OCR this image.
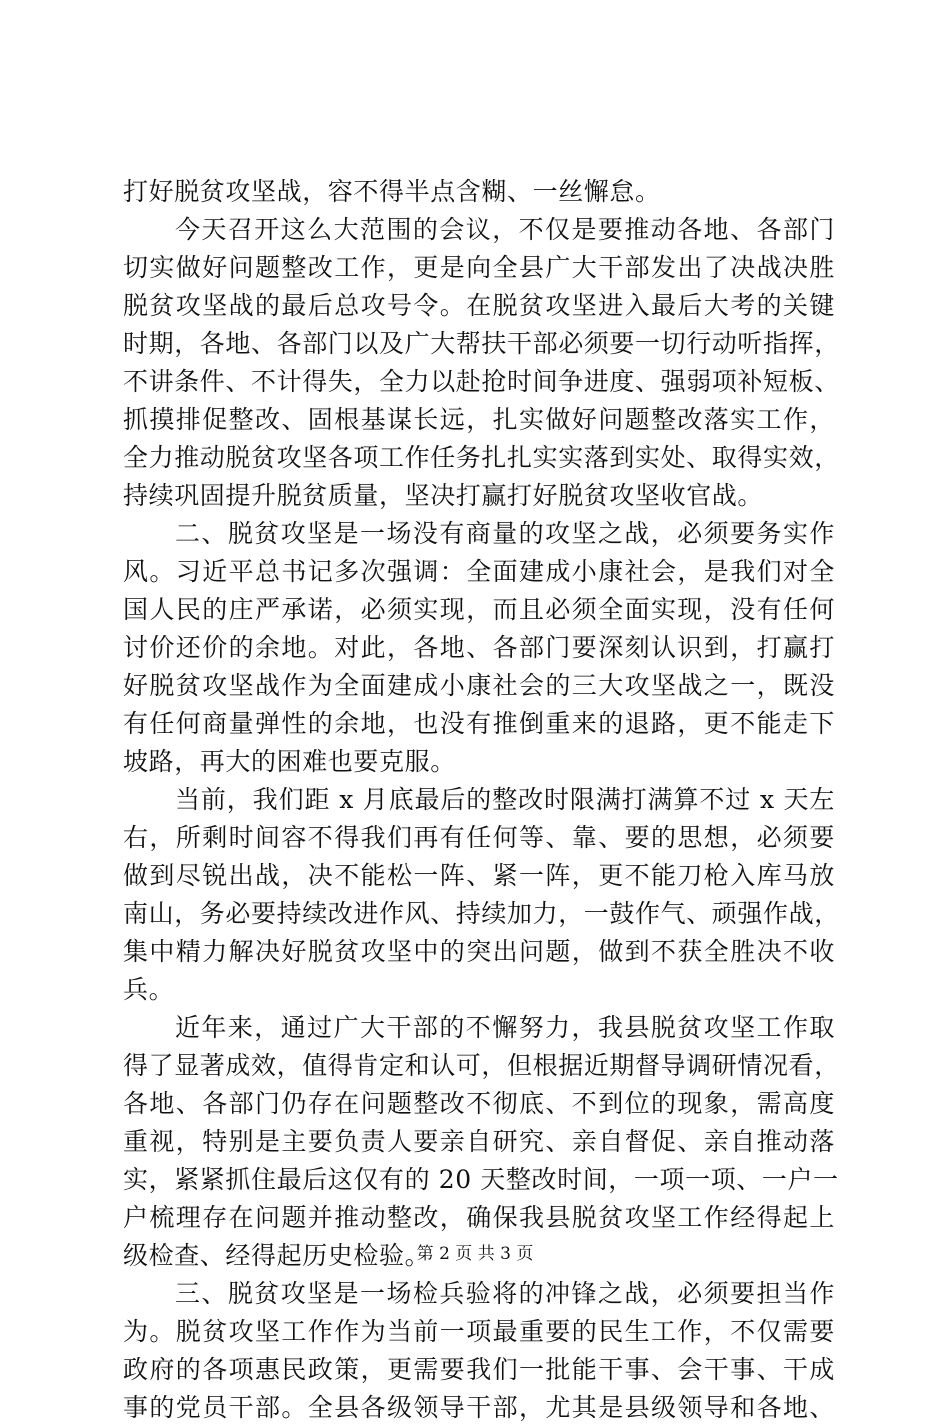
打好脱贫攻坚战，容不得半点含糊、一丝懈怠。
今天召开这么大范围的会议，不仅是要推动各地、各部门
切实做好问题整改工作，更是向全县广大干部发出了决战决胜
脱贫攻坚战的最后总攻号令。在脱贫攻坚进入最后大考的关键
时期，各地、各部门以及广大帮扶干部必须要一切行动听指挥，
不讲条件、不计得失，全力以赴抢时间争进度、强弱项补短板、
抓摸排促整改、固根基谋长远，扎实做好问题整改落实工作，
全力推动脱贫攻坚各项工作任务扎扎实实落到实处、取得实效，
持续巩固提升脱贫质量，坚决打赢打好脱贫攻坚收官战。
二、脱贫攻坚是一场没有商量的攻坚之战，必须要务实作
风。习近平总书记多次强调：全面建成小康社会，是我们对全
国人民的庄严承诺，必须实现，而且必须全面实现，没有任何
讨价还价的余地。对此，各地、各部门要深刻认识到，打赢打
好脱贫攻坚战作为全面建成小康社会的三大攻坚战之一，既没
有任何商量弹性的余地，也没有推倒重来的退路，更不能走下
坡路，再大的困难也要克服。
当前，我们距 x 月底最后的整改时限满打满算不过 x 天左
右，所剩时间容不得我们再有任何等、靠、要的思想，必须要
做到尽锐出战，决不能松一阵、紧一阵，更不能刀枪入库马放
南山，务必要持续改进作风、持续加力，一鼓作气、顽强作战，
集中精力解决好脱贫攻坚中的突出问题，做到不获全胜决不收
兵。
近年来，通过广大干部的不懈努力，我县脱贫攻坚工作取
得了显著成效，值得肯定和认可，但根据近期督导调研情况看，
各地、各部门仍存在问题整改不彻底、不到位的现象，需高度
重视，特别是主要负责人要亲自研究、亲自督促、亲自推动落
实，紧紧抓住最后这仅有的 20 天整改时间，一项一项、一户一
户梳理存在问题并推动整改，确保我县脱贫攻坚工作经得起上
级检查、经得起历史检验。
三、脱贫攻坚是一场检兵验将的冲锋之战，必须要担当作
为。脱贫攻坚工作作为当前一项最重要的民生工作，不仅需要
政府的各项惠民政策，更需要我们一批能干事、会干事、干成
事的党员干部。全县各级领导干部，尤其是县级领导和各地、
第 2 页 共 3 页
